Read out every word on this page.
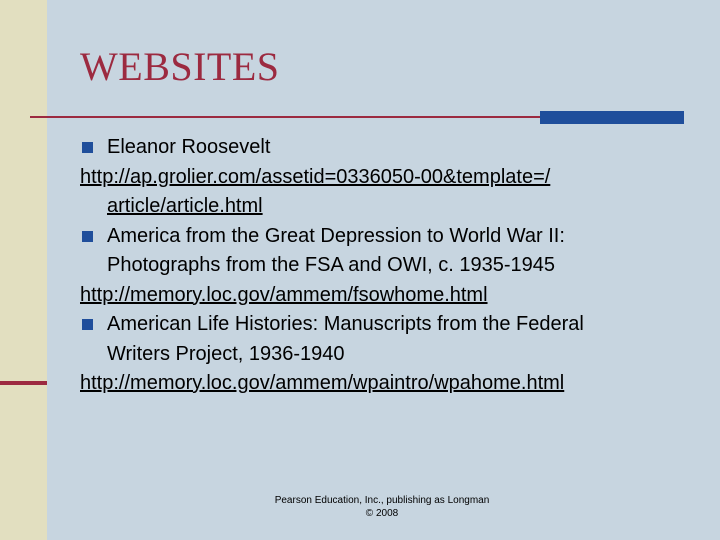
WEBSITES
Eleanor Roosevelt
http://ap.grolier.com/assetid=0336050-00&template=/
article/article.html
America from the Great Depression to World War II:
Photographs from the FSA and OWI, c. 1935-1945
http://memory.loc.gov/ammem/fsowhome.html
American Life Histories: Manuscripts from the Federal
Writers Project, 1936-1940
http://memory.loc.gov/ammem/wpaintro/wpahome.html
Pearson Education, Inc., publishing as Longman
© 2008
